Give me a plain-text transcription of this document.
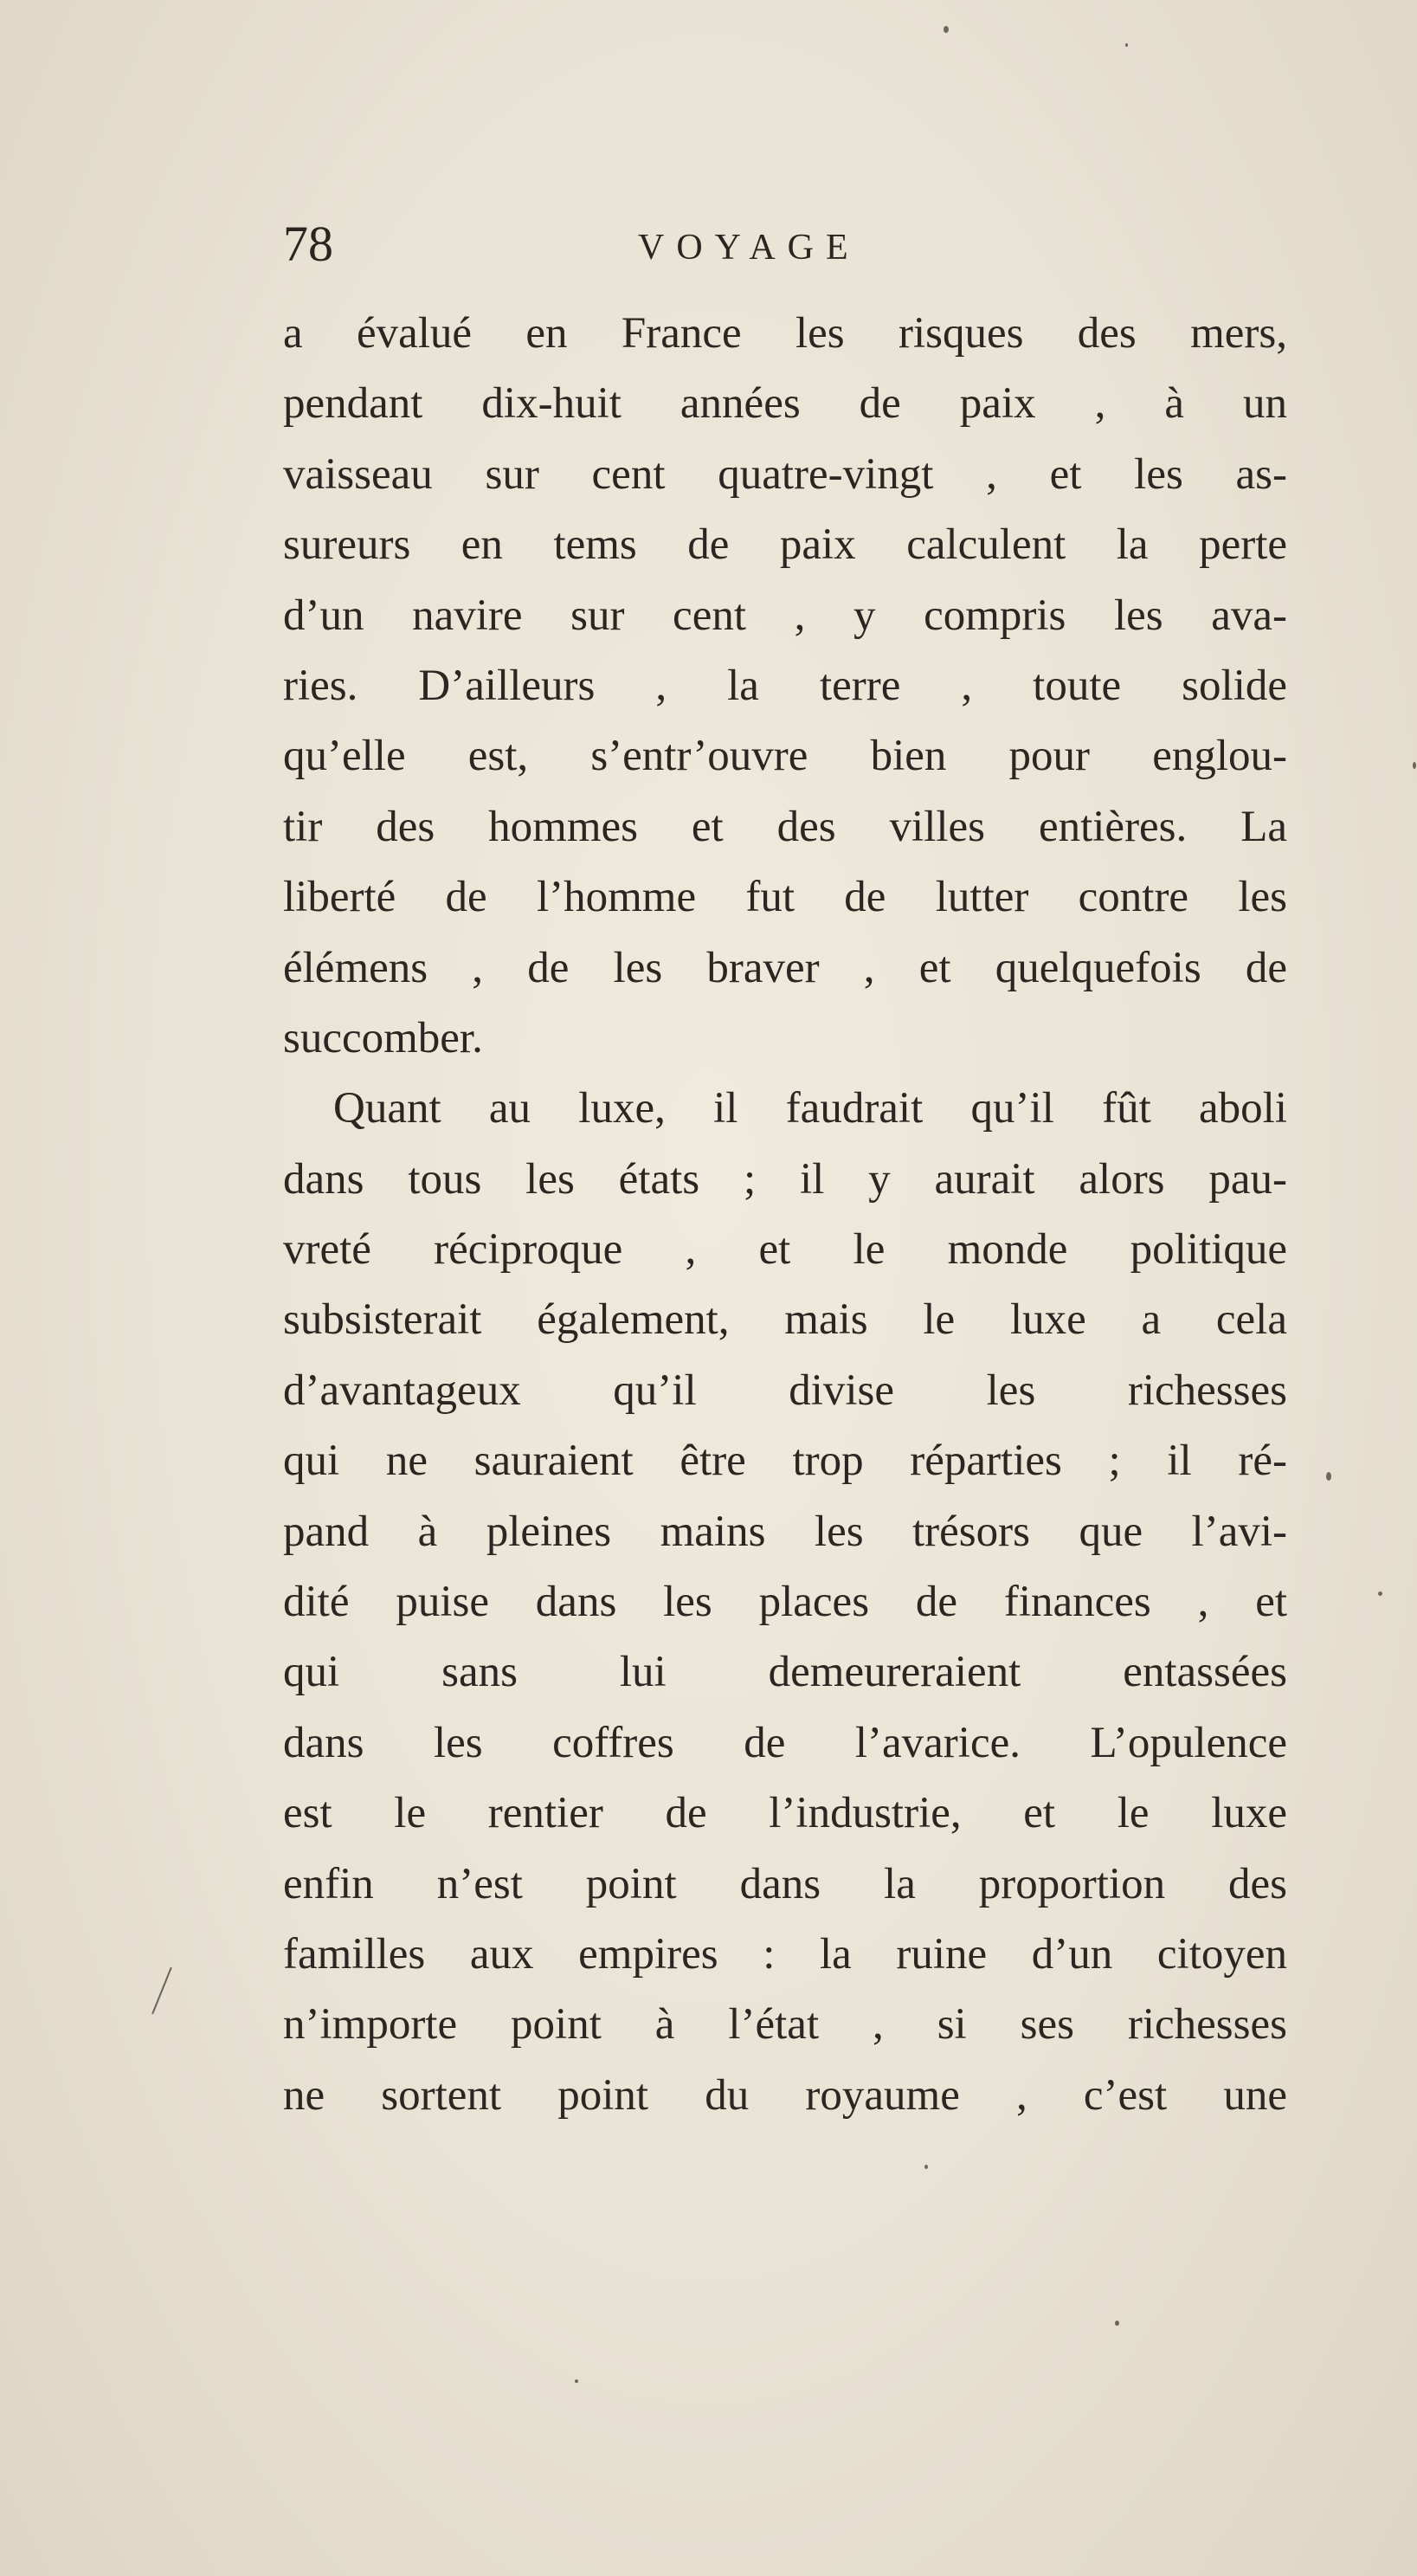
78	VOYAGE
a évalué en France les risques des mers,
pendant dix-huit années de paix , à un
vaisseau sur cent quatre-vingt , et les as-
sureurs en tems de paix calculent la perte
d’un navire sur cent , y compris les ava-
ries. D’ailleurs , la terre , toute solide
qu’elle est, s’entr’ouvre bien pour englou-
tir des hommes et des villes entières. La
liberté de l’homme fut de lutter contre les
élémens , de les braver , et quelquefois de
succomber.
Quant au luxe, il faudrait qu’il fût aboli
dans tous les états ; il y aurait alors pau-
vreté réciproque , et le monde politique
subsisterait également, mais le luxe a cela
d’avantageux qu’il divise les richesses
qui ne sauraient être trop réparties ; il ré-
pand à pleines mains les trésors que l’avi-
dité puise dans les places de finances , et
qui sans lui demeureraient entassées
dans les coffres de l’avarice. L’opulence
est le rentier de l’industrie, et le luxe
enfin n’est point dans la proportion des
familles aux empires : la ruine d’un citoyen
n’importe point à l’état , si ses richesses
ne sortent point du royaume , c’est une
